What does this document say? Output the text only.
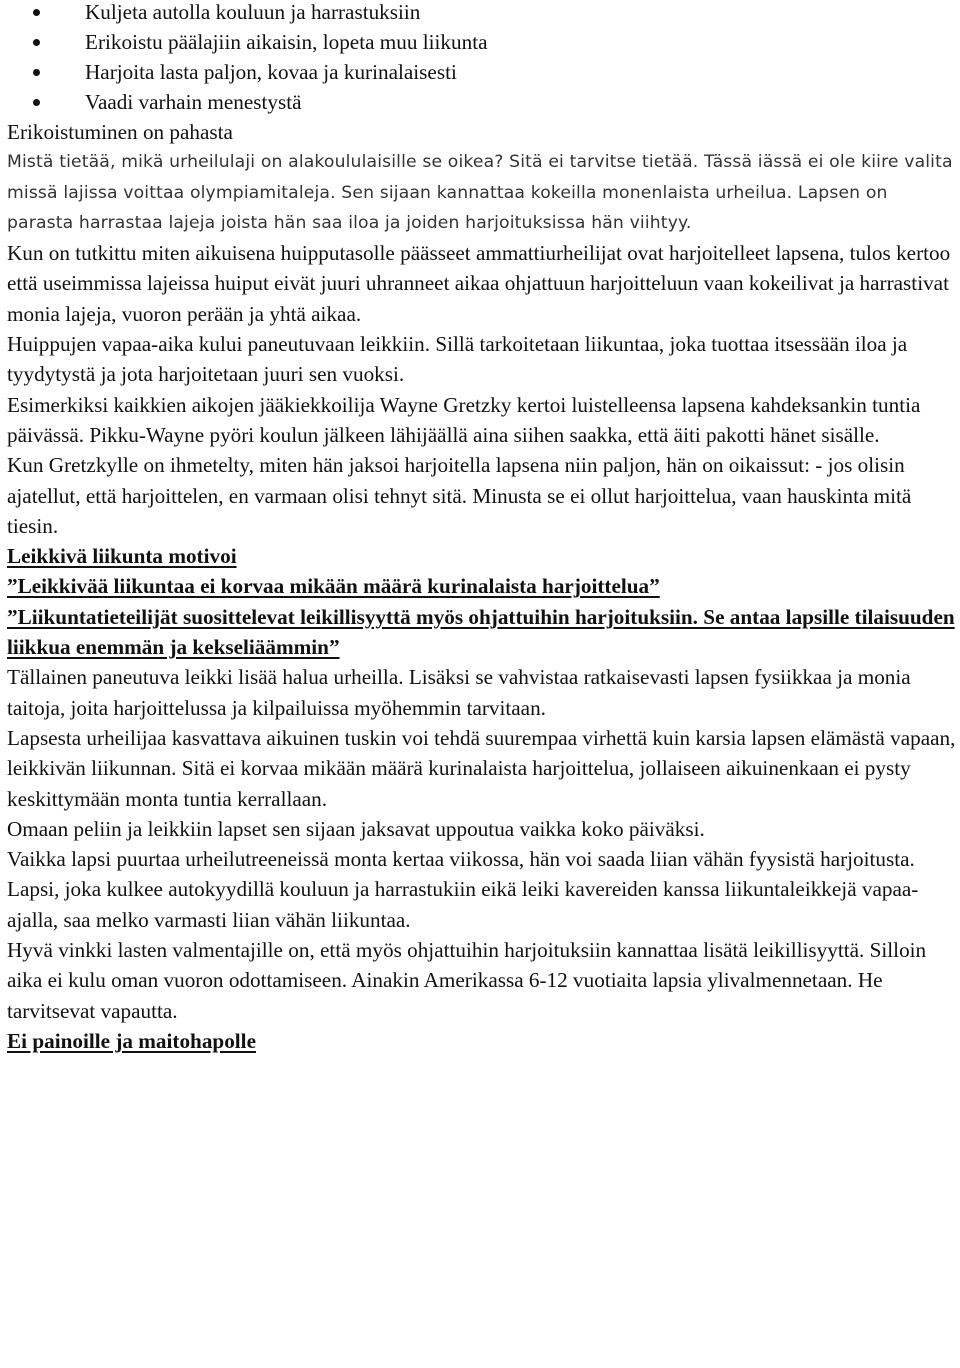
Kuljeta autolla kouluun ja harrastuksiin
Erikoistu päälajiin aikaisin, lopeta muu liikunta
Harjoita lasta paljon, kovaa ja kurinalaisesti
Vaadi varhain menestystä

Erikoistuminen on pahasta

Mistä tietää, mikä urheilulaji on alakoululaisille se oikea? Sitä ei tarvitse tietää. Tässä iässä ei ole kiire valita missä lajissa voittaa olympiamitaleja. Sen sijaan kannattaa kokeilla monenlaista urheilua. Lapsen on parasta harrastaa lajeja joista hän saa iloa ja joiden harjoituksissa hän viihtyy.

Kun on tutkittu miten aikuisena huipputasolle päässeet ammattiurheilijat ovat harjoitelleet lapsena, tulos kertoo että useimmissa lajeissa huiput eivät juuri uhranneet aikaa ohjattuun harjoitteluun vaan kokeilivat ja harrastivat monia lajeja, vuoron perään ja yhtä aikaa.

Huippujen vapaa-aika kului paneutuvaan leikkiin. Sillä tarkoitetaan liikuntaa, joka tuottaa itsessään iloa ja tyydytystä ja jota harjoitetaan juuri sen vuoksi.

Esimerkiksi kaikkien aikojen jääkiekkoilija Wayne Gretzky kertoi luistelleensa lapsena kahdeksankin tuntia päivässä. Pikku-Wayne pyöri koulun jälkeen lähijäällä aina siihen saakka, että äiti pakotti hänet sisälle.

Kun Gretzkylle on ihmetelty, miten hän jaksoi harjoitella lapsena niin paljon, hän on oikaissut: - jos olisin ajatellut, että harjoittelen, en varmaan olisi tehnyt sitä. Minusta se ei ollut harjoittelua, vaan hauskinta mitä tiesin.

Leikkivä liikunta motivoi

”Leikkivää liikuntaa ei korvaa mikään määrä kurinalaista harjoittelua”

”Liikuntatieteilijät suosittelevat leikillisyyttä myös ohjattuihin harjoituksiin. Se antaa lapsille tilaisuuden liikkua enemmän ja kekseliäämmin”

Tällainen paneutuva leikki lisää halua urheilla. Lisäksi se vahvistaa ratkaisevasti lapsen fysiikkaa ja monia taitoja, joita harjoittelussa ja kilpailuissa myöhemmin tarvitaan.

Lapsesta urheilijaa kasvattava aikuinen tuskin voi tehdä suurempaa virhettä kuin karsia lapsen elämästä vapaan, leikkivän liikunnan. Sitä ei korvaa mikään määrä kurinalaista harjoittelua, jollaiseen aikuinenkaan ei pysty keskittymään monta tuntia kerrallaan.

Omaan peliin ja leikkiin lapset sen sijaan jaksavat uppoutua vaikka koko päiväksi.

Vaikka lapsi puurtaa urheilutreeneissä monta kertaa viikossa, hän voi saada liian vähän fyysistä harjoitusta. Lapsi, joka kulkee autokyydillä kouluun ja harrastukiin eikä leiki kavereiden kanssa liikuntaleikkejä vapaa-ajalla, saa melko varmasti liian vähän liikuntaa.

Hyvä vinkki lasten valmentajille on, että myös ohjattuihin harjoituksiin kannattaa lisätä leikillisyyttä. Silloin aika ei kulu oman vuoron odottamiseen. Ainakin Amerikassa 6-12 vuotiaita lapsia ylivalmennetaan. He tarvitsevat vapautta.

Ei painoille ja maitohapolle
